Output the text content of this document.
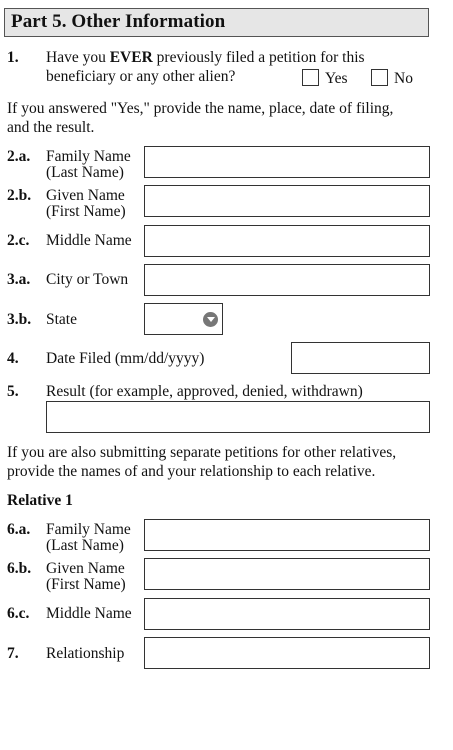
Part 5. Other Information
1. Have you EVER previously filed a petition for this
beneficiary or any other alien?	Yes	No
If you answered "Yes," provide the name, place, date of filing,
and the result.
2.a. Family Name
(Last Name)
2.b. Given Name
(First Name)
2.c. Middle Name
3.a. City or Town
3.b. State
4. Date Filed (mm/dd/yyyy)
5. Result (for example, approved, denied, withdrawn)
If you are also submitting separate petitions for other relatives,
provide the names of and your relationship to each relative.
Relative 1
6.a. Family Name
(Last Name)
6.b. Given Name
(First Name)
6.c. Middle Name
7. Relationship
